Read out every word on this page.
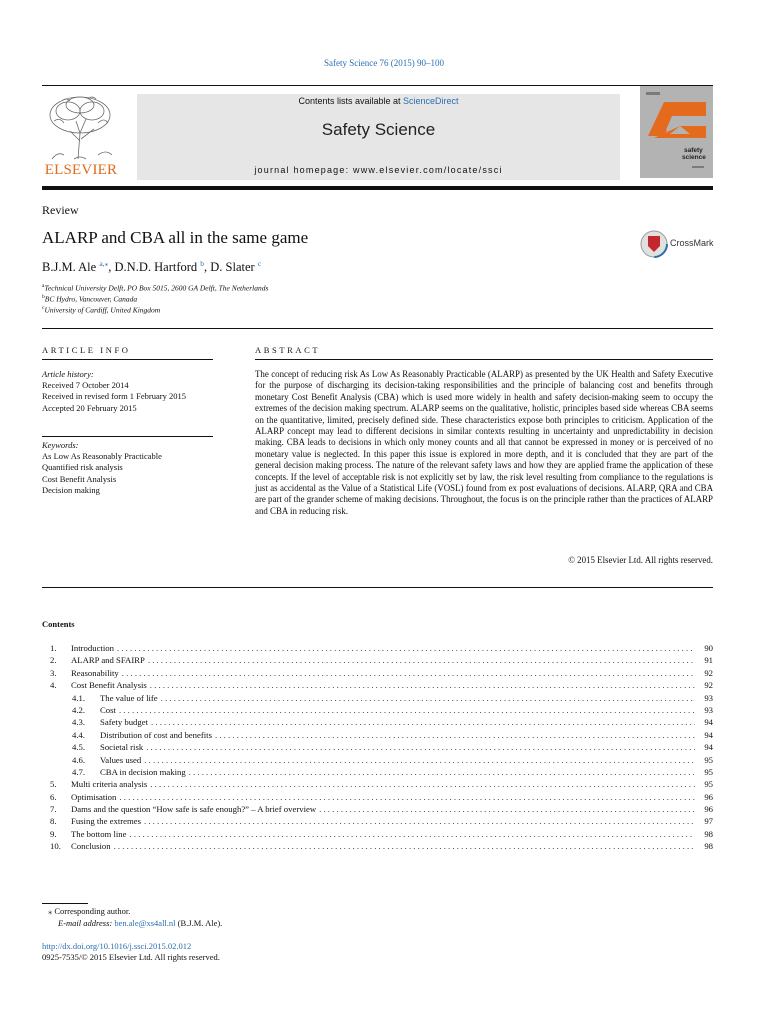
Safety Science 76 (2015) 90–100
ELSEVIER
Contents lists available at ScienceDirect
Safety Science
journal homepage: www.elsevier.com/locate/ssci
safety
science
Review
ALARP and CBA all in the same game	CrossMark
B.J.M. Ale $^{a,⁎}$, D.N.D. Hartford $^b$, D. Slater $^c$
$^a$Technical University Delft, PO Box 5015, 2600 GA Delft, The Netherlands
$^b$BC Hydro, Vancouver, Canada
$^c$University of Cardiff, United Kingdom
ARTICLE INFO
Article history:
Received 7 October 2014
Received in revised form 1 February 2015
Accepted 20 February 2015
Keywords:
As Low As Reasonably Practicable
Quantified risk analysis
Cost Benefit Analysis
Decision making
ABSTRACT
The concept of reducing risk As Low As Reasonably Practicable (ALARP) as presented by the UK Health and Safety Executive for the purpose of discharging its decision-taking responsibilities and the principle of balancing cost and benefits through monetary Cost Benefit Analysis (CBA) which is used more widely in health and safety decision-making seem to occupy the extremes of the decision making spectrum. ALARP seems on the qualitative, holistic, principles based side whereas CBA seems on the quantitative, limited, precisely defined side. These characteristics expose both principles to criticism. Application of the ALARP concept may lead to different decisions in similar contexts resulting in uncertainty and unpredictability in decision making. CBA leads to decisions in which only money counts and all that cannot be expressed in money or is perceived of no monetary value is neglected. In this paper this issue is explored in more depth, and it is concluded that they are part of the general decision making process. The nature of the relevant safety laws and how they are applied frame the application of these concepts. If the level of acceptable risk is not explicitly set by law, the risk level resulting from compliance to the regulations is just as accidental as the Value of a Statistical Life (VOSL) found from ex post evaluations of decisions. ALARP, QRA and CBA are part of the grander scheme of making decisions. Throughout, the focus is on the principle rather than the practices of ALARP and CBA in reducing risk.
© 2015 Elsevier Ltd. All rights reserved.
Contents
1.	Introduction . . .	90
2.	ALARP and SFAIRP . . .	91
3.	Reasonability . . .	92
4.	Cost Benefit Analysis . . .	92
4.1.	The value of life . . .	93
4.2.	Cost . . .	93
4.3.	Safety budget . . .	94
4.4.	Distribution of cost and benefits . . .	94
4.5.	Societal risk . . .	94
4.6.	Values used . . .	95
4.7.	CBA in decision making . . .	95
5.	Multi criteria analysis . . .	95
6.	Optimisation . . .	96
7.	Dams and the question “How safe is safe enough?” – A brief overview . . .	96
8.	Fusing the extremes . . .	97
9.	The bottom line . . .	98
10.	Conclusion . . .	98
⁎ Corresponding author.
E-mail address: ben.ale@xs4all.nl (B.J.M. Ale).
http://dx.doi.org/10.1016/j.ssci.2015.02.012
0925-7535/© 2015 Elsevier Ltd. All rights reserved.
